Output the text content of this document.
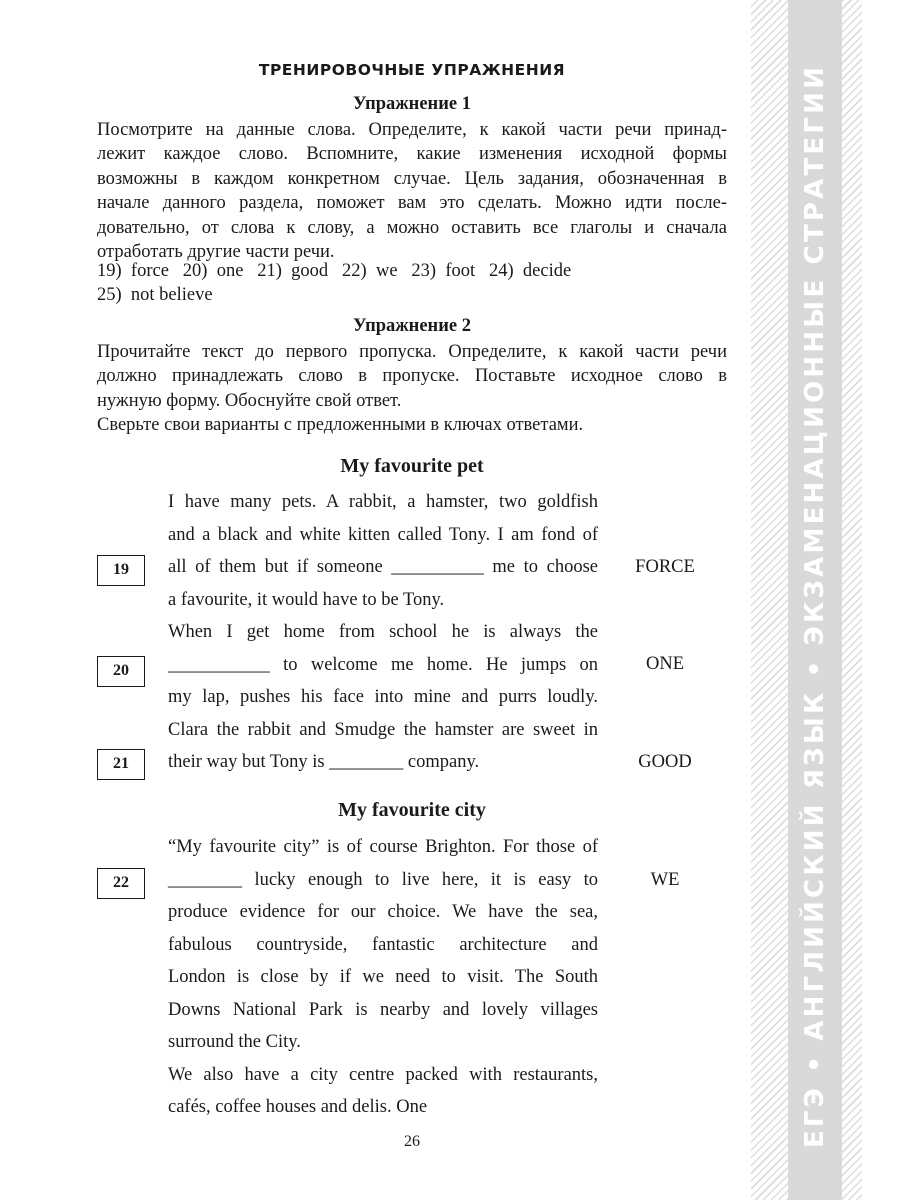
ЕГЭ • АНГЛИЙСКИЙ ЯЗЫК • ЭКЗАМЕНАЦИОННЫЕ СТРАТЕГИИ
ТРЕНИРОВОЧНЫЕ УПРАЖНЕНИЯ
Упражнение 1

Посмотрите на данные слова. Определите, к какой части речи принад-

лежит каждое слово. Вспомните, какие изменения исходной формы

возможны в каждом конкретном случае. Цель задания, обозначенная в

начале данного раздела, поможет вам это сделать. Можно идти после-

довательно, от слова к слову, а можно оставить все глаголы и сначала

отработать другие части речи.

19)  force   20)  one   21)  good   22)  we   23)  foot   24)  decide

25)  not believe

Упражнение 2

Прочитайте текст до первого пропуска. Определите, к какой части речи

должно принадлежать слово в пропуске. Поставьте исходное слово в

нужную форму. Обоснуйте свой ответ.

Сверьте свои варианты с предложенными в ключах ответами.

My favourite pet

I have many pets. A rabbit, a hamster, two goldfish

and a black and white kitten called Tony. I am fond of

all of them but if someone __________ me to choose

a favourite, it would have to be Tony.

When I get home from school he is always the

___________ to welcome me home. He jumps on

my lap, pushes his face into mine and purrs loudly.

Clara the rabbit and Smudge the hamster are sweet in

their way but Tony is ________ company.

19	FORCE
20	ONE
21	GOOD
My favourite city

“My favourite city” is of course Brighton. For those of

________ lucky enough to live here, it is easy to

produce evidence for our choice. We have the sea,

fabulous countryside, fantastic architecture and

London is close by if we need to visit. The South

Downs National Park is nearby and lovely villages

surround the City.

We also have a city centre packed with restaurants,

cafés, coffee houses and delis. One

22	WE
26
